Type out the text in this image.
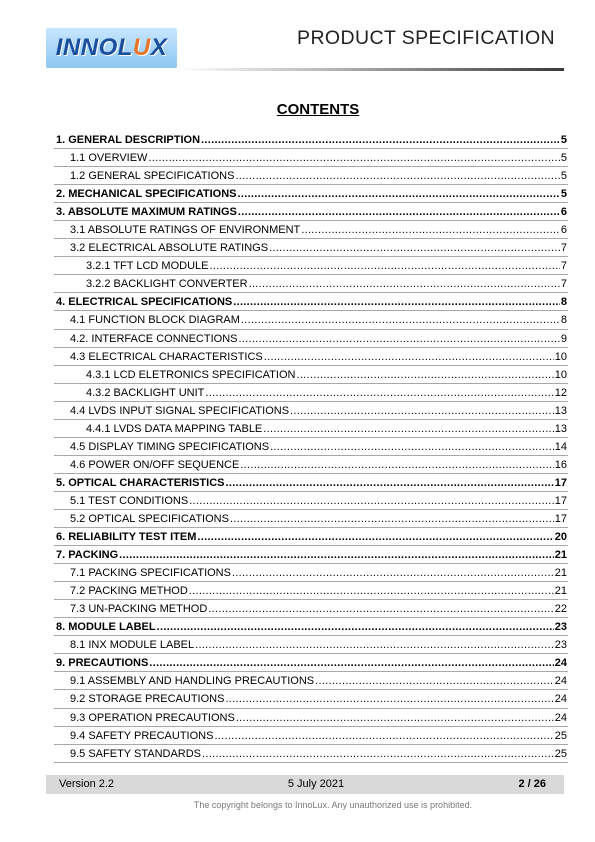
INNOLUX	PRODUCT SPECIFICATION
CONTENTS
1. GENERAL DESCRIPTION .....	5
1.1 OVERVIEW .....	5
1.2 GENERAL SPECIFICATIONS .....	5
2. MECHANICAL SPECIFICATIONS .....	5
3. ABSOLUTE MAXIMUM RATINGS .....	6
3.1 ABSOLUTE RATINGS OF ENVIRONMENT .....	6
3.2 ELECTRICAL ABSOLUTE RATINGS .....	7
3.2.1 TFT LCD MODULE .....	7
3.2.2 BACKLIGHT CONVERTER .....	7
4. ELECTRICAL SPECIFICATIONS .....	8
4.1 FUNCTION BLOCK DIAGRAM .....	8
4.2. INTERFACE CONNECTIONS .....	9
4.3 ELECTRICAL CHARACTERISTICS .....	10
4.3.1 LCD ELETRONICS SPECIFICATION .....	10
4.3.2 BACKLIGHT UNIT .....	12
4.4 LVDS INPUT SIGNAL SPECIFICATIONS .....	13
4.4.1 LVDS DATA MAPPING TABLE .....	13
4.5 DISPLAY TIMING SPECIFICATIONS .....	14
4.6 POWER ON/OFF SEQUENCE .....	16
5. OPTICAL CHARACTERISTICS .....	17
5.1 TEST CONDITIONS .....	17
5.2 OPTICAL SPECIFICATIONS .....	17
6. RELIABILITY TEST ITEM .....	20
7. PACKING .....	21
7.1 PACKING SPECIFICATIONS .....	21
7.2 PACKING METHOD .....	21
7.3 UN-PACKING METHOD .....	22
8. MODULE LABEL .....	23
8.1 INX MODULE LABEL .....	23
9. PRECAUTIONS .....	24
9.1 ASSEMBLY AND HANDLING PRECAUTIONS .....	24
9.2 STORAGE PRECAUTIONS .....	24
9.3 OPERATION PRECAUTIONS .....	24
9.4 SAFETY PRECAUTIONS .....	25
9.5 SAFETY STANDARDS .....	25
Version 2.2	5 July 2021	2 / 26
The copyright belongs to InnoLux. Any unauthorized use is prohibited.
